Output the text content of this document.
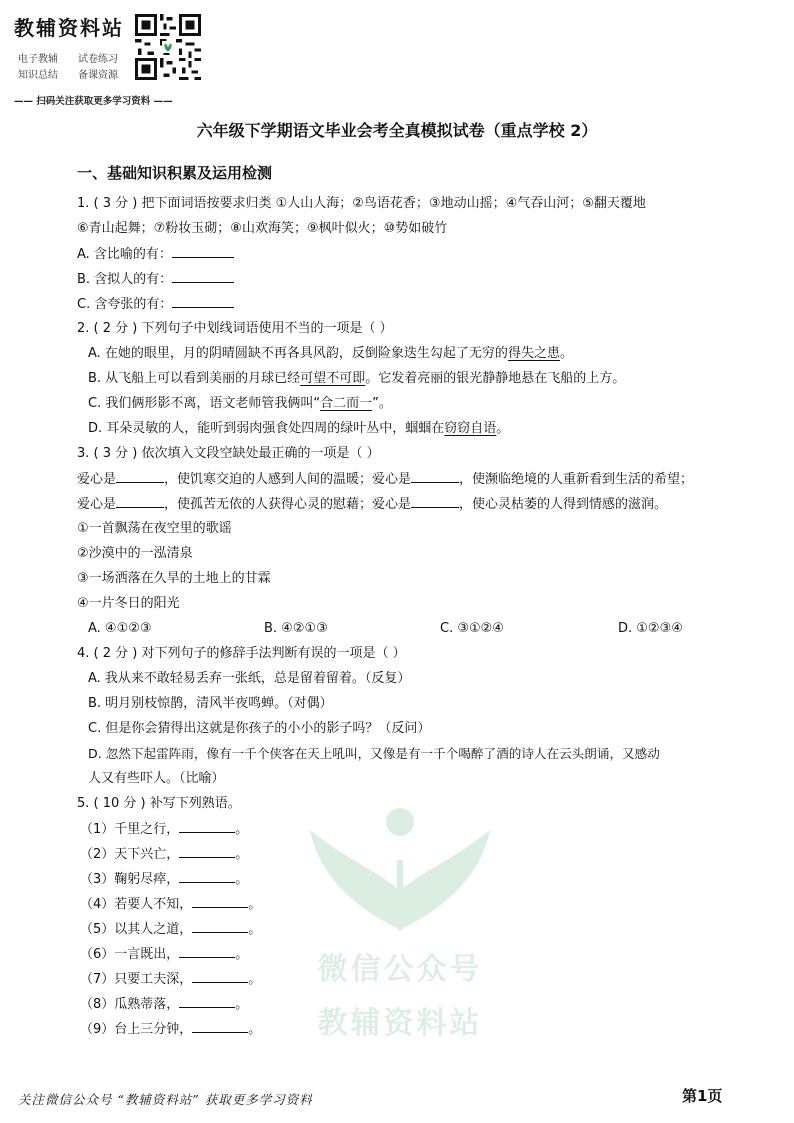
教辅资料站
电子教辅 试卷练习
知识总结 备课资源
—— 扫码关注获取更多学习资料 ——
六年级下学期语文毕业会考全真模拟试卷（重点学校 2）
一、基础知识积累及运用检测
1. ( 3 分 ) 把下面词语按要求归类 ①人山人海；②鸟语花香；③地动山摇；④气吞山河；⑤翻天覆地
⑥青山起舞；⑦粉妆玉砌；⑧山欢海笑；⑨枫叶似火；⑩势如破竹
A. 含比喻的有：
B. 含拟人的有：
C. 含夸张的有：
2. ( 2 分 ) 下列句子中划线词语使用不当的一项是（ ）
A. 在她的眼里，月的阴晴圆缺不再各具风韵，反倒险象迭生勾起了无穷的得失之患。
B. 从飞船上可以看到美丽的月球已经可望不可即。它发着亮丽的银光静静地悬在飞船的上方。
C. 我们俩形影不离，语文老师管我俩叫“合二而一”。
D. 耳朵灵敏的人，能听到弱肉强食处四周的绿叶丛中，蝈蝈在窃窃自语。
3. ( 3 分 ) 依次填入文段空缺处最正确的一项是（ ）
爱心是	，使饥寒交迫的人感到人间的温暖；爱心是	，使濒临绝境的人重新看到生活的希望；
爱心是	，使孤苦无依的人获得心灵的慰藉；爱心是	，使心灵枯萎的人得到情感的滋润。
①一首飘荡在夜空里的歌谣
②沙漠中的一泓清泉
③一场洒落在久旱的土地上的甘霖
④一片冬日的阳光
A. ④①②③	B. ④②①③	C. ③①②④	D. ①②③④
4. ( 2 分 ) 对下列句子的修辞手法判断有误的一项是（ ）
A. 我从来不敢轻易丢弃一张纸，总是留着留着。（反复）
B. 明月别枝惊鹊，清风半夜鸣蝉。（对偶）
C. 但是你会猜得出这就是你孩子的小小的影子吗？（反问）
D. 忽然下起雷阵雨，像有一千个侠客在天上吼叫，又像是有一千个喝醉了酒的诗人在云头朗诵，又感动
人又有些吓人。（比喻）
微信公众号
教辅资料站
5. ( 10 分 ) 补写下列熟语。
（1）千里之行，	。
（2）天下兴亡，	。
（3）鞠躬尽瘁，	。
（4）若要人不知，	。
（5）以其人之道，	。
（6）一言既出，	。
（7）只要工夫深，	。
（8）瓜熟蒂落，	。
（9）台上三分钟，	。
关注微信公众号 “教辅资料站” 获取更多学习资料	第1页
